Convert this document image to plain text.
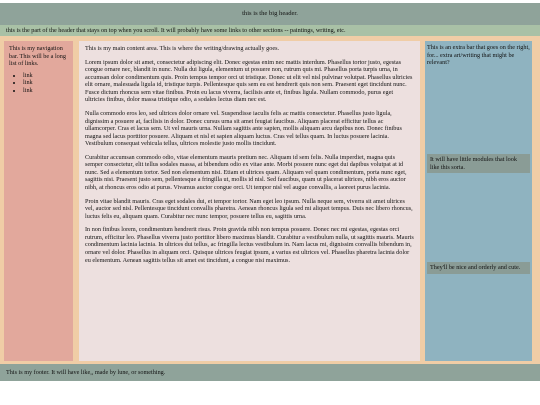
this is the big header.
this is the part of the header that stays on top when you scroll. It will probably have some links to other sections -- paintings, writing, etc.
This is my navigation bar. This will be a long list of links.
• link
• link
• link

This is my main content area. This is where the writing/drawing actually goes.

Lorem ipsum dolor sit amet, consectetur adipiscing elit. Donec egestas enim nec mattis interdum. Phasellus tortor justo, egestas congue ornare nec, blandit in nunc. Nulla dui ligula, elementum ut posuere non, rutrum quis mi. Phasellus porta turpis urna, in accumsan dolor condimentum quis. Proin tempus tempor orci ut tristique. Donec ut elit vel nisl pulvinar volutpat. Phasellus ultricies elit ornare, malesuada ligula id, tristique turpis. Pellentesque quis sem eu est hendrerit quis non sem. Praesent eget tincidunt nunc. Fusce dictum rhoncus sem vitae finibus. Proin eu lacus viverra, facilisis ante et, finibus ligula. Nullam commodo, purus eget ultricies finibus, dolor massa tristique odio, a sodales lectus diam nec est.

Nulla commodo eros leo, sed ultrices dolor ornare vel. Suspendisse iaculis felis ac mattis consectetur. Phasellus justo ligula, dignissim a posuere at, facilisis in dolor. Donec cursus urna sit amet feugiat faucibus. Aliquam placerat efficitur tellus ac ullamcorper. Cras et lacus sem. Ut vel mauris urna. Nullam sagittis ante sapien, mollis aliquam arcu dapibus non. Donec finibus magna sed lacus porttitor posuere. Aliquam et nisl et sapien aliquam luctus. Cras vel tellus quam. In luctus posuere lacinia. Vestibulum consequat vehicula tellus, ultrices molestie justo mollis tincidunt.

Curabitur accumsan commodo odio, vitae elementum mauris pretium nec. Aliquam id sem felis. Nulla imperdiet, magna quis semper consectetur, elit tellus sodales massa, at bibendum odio ex vitae ante. Morbi posuere nunc eget dui dapibus volutpat at id nunc. Sed a elementum tortor. Sed non elementum nisi. Etiam et ultrices quam. Aliquam vel quam condimentum, porta nunc eget, sagittis nisi. Praesent justo sem, pellentesque a fringilla ut, mollis id nisl. Sed faucibus, quam ut placerat ultrices, nibh eros auctor nibh, at rhoncus eros odio at purus. Vivamus auctor congue orci. Ut tempor nisl vel augue convallis, a laoreet purus lacinia.

Proin vitae blandit mauris. Cras eget sodales dui, et tempor tortor. Nam eget leo ipsum. Nulla neque sem, viverra sit amet ultrices vel, auctor sed nisl. Pellentesque tincidunt convallis pharetra. Aenean rhoncus ligula sed mi aliquet tempus. Duis nec libero rhoncus, luctus felis eu, aliquam quam. Curabitur nec nunc tempor, posuere tellus eu, sagittis urna.

In non finibus lorem, condimentum hendrerit risus. Proin gravida nibh non tempus posuere. Donec nec mi egestas, egestas orci rutrum, efficitur leo. Phasellus viverra justo porttitor libero maximus blandit. Curabitur a vestibulum nulla, ut sagittis mauris. Mauris condimentum lacinia lacinia. In ultrices dui tellus, ac fringilla lectus vestibulum in. Nam lacus mi, dignissim convallis bibendum in, ornare vel dolor. Phasellus in aliquam orci. Quisque ultrices feugiat ipsum, a varius est ultrices vel. Phasellus pharetra lacinia dolor eu elementum. Aenean sagittis tellus sit amet est tincidunt, a congue nisi maximus.

This is an extra bar that goes on the right, for... extra art/writing that might be relevant?

It will have little modules that look like this sorta.
They'll be nice and orderly and cute.
This is my footer. It will have like,, made by lune, or something.
